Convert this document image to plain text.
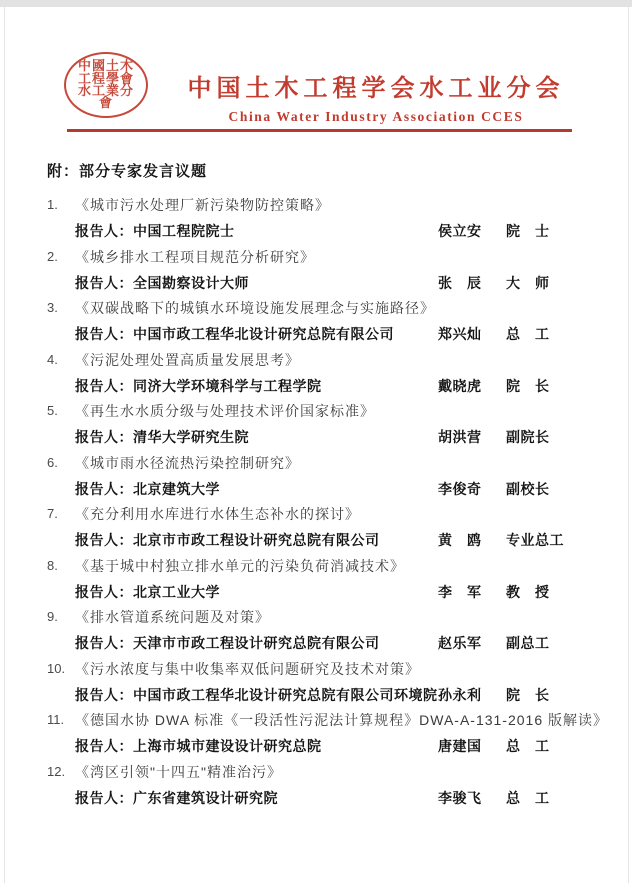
中國土木工程學會水工業分會
中国土木工程学会水工业分会
China Water Industry Association CCES
附：部分专家发言议题
1. 《城市污水处理厂新污染物防控策略》
报告人：中国工程院院士	侯立安 院　士
2. 《城乡排水工程项目规范分析研究》
报告人：全国勘察设计大师	张　辰 大　师
3. 《双碳战略下的城镇水环境设施发展理念与实施路径》
报告人：中国市政工程华北设计研究总院有限公司	郑兴灿 总　工
4. 《污泥处理处置高质量发展思考》
报告人：同济大学环境科学与工程学院	戴晓虎 院　长
5. 《再生水水质分级与处理技术评价国家标准》
报告人：清华大学研究生院	胡洪营 副院长
6. 《城市雨水径流热污染控制研究》
报告人：北京建筑大学	李俊奇 副校长
7. 《充分利用水库进行水体生态补水的探讨》
报告人：北京市市政工程设计研究总院有限公司	黄　鸥 专业总工
8. 《基于城中村独立排水单元的污染负荷消减技术》
报告人：北京工业大学	李　军 教　授
9. 《排水管道系统问题及对策》
报告人：天津市市政工程设计研究总院有限公司	赵乐军 副总工
10. 《污水浓度与集中收集率双低问题研究及技术对策》
报告人：中国市政工程华北设计研究总院有限公司环境院 孙永利 院　长
11. 《德国水协 DWA 标准《一段活性污泥法计算规程》DWA-A-131-2016 版解读》
报告人：上海市城市建设设计研究总院	唐建国 总　工
12. 《湾区引领"十四五"精准治污》
报告人：广东省建筑设计研究院	李骏飞 总　工
